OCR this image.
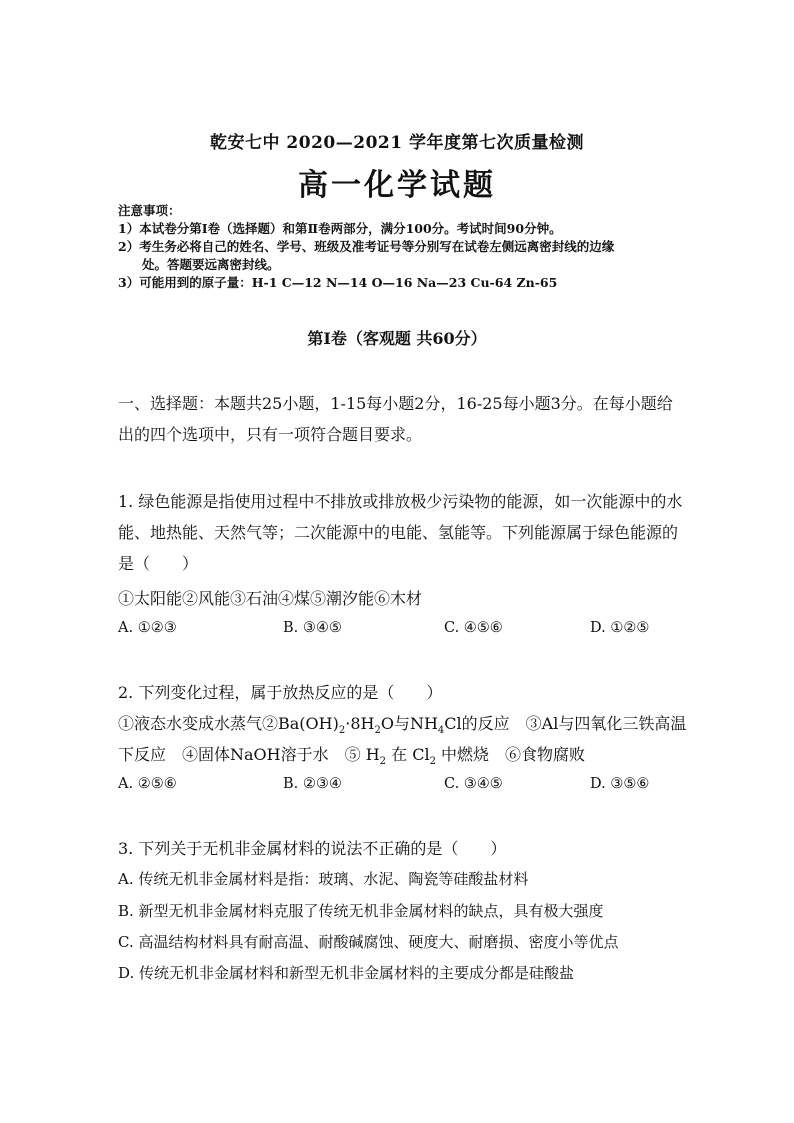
乾安七中 2020—2021 学年度第七次质量检测
高一化学试题
注意事项：
1）本试卷分第Ⅰ卷（选择题）和第Ⅱ卷两部分，满分100分。考试时间90分钟。
2）考生务必将自己的姓名、学号、班级及准考证号等分别写在试卷左侧远离密封线的边缘
处。答题要远离密封线。
3）可能用到的原子量：H-1 C—12 N—14 O—16 Na—23 Cu-64 Zn-65
第Ⅰ卷（客观题 共60分）
一、选择题：本题共25小题，1-15每小题2分，16-25每小题3分。在每小题给出的四个选项中，只有一项符合题目要求。
1. 绿色能源是指使用过程中不排放或排放极少污染物的能源，如一次能源中的水能、地热能、天然气等；二次能源中的电能、氢能等。下列能源属于绿色能源的是（　　）
①太阳能②风能③石油④煤⑤潮汐能⑥木材
A. ①②③	B. ③④⑤	C. ④⑤⑥	D. ①②⑤
2. 下列变化过程，属于放热反应的是（　　）
①液态水变成水蒸气$②Ba(OH)_2\cdot 8H_2O$与$NH_4Cl$的反应　③Al与四氧化三铁高温
下反应　④固体NaOH溶于水　⑤ $H_2$ 在 $Cl_2$ 中燃烧　⑥食物腐败
A. ②⑤⑥	B. ②③④	C. ③④⑤	D. ③⑤⑥
3. 下列关于无机非金属材料的说法不正确的是（　　）
A. 传统无机非金属材料是指：玻璃、水泥、陶瓷等硅酸盐材料
B. 新型无机非金属材料克服了传统无机非金属材料的缺点，具有极大强度
C. 高温结构材料具有耐高温、耐酸碱腐蚀、硬度大、耐磨损、密度小等优点
D. 传统无机非金属材料和新型无机非金属材料的主要成分都是硅酸盐
